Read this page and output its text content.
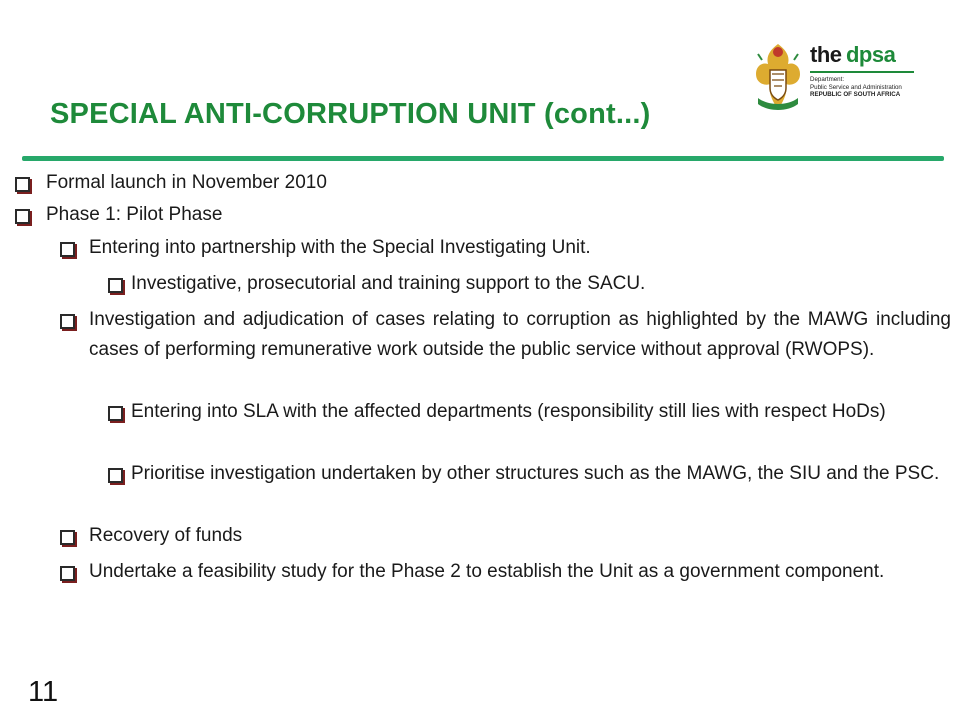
the dpsa
Department:
Public Service and Administration
REPUBLIC OF SOUTH AFRICA
SPECIAL ANTI-CORRUPTION UNIT (cont...)
Formal launch in November 2010
Phase 1: Pilot Phase
Entering into partnership with the Special Investigating Unit.
Investigative, prosecutorial and training support to the SACU.
Investigation and adjudication of cases relating to corruption as highlighted by the MAWG including cases of performing remunerative work outside the public service without approval (RWOPS).
Entering into SLA with the affected departments (responsibility still lies with respect HoDs)
Prioritise investigation undertaken by other structures such as the MAWG, the SIU and the PSC.
Recovery of funds
Undertake a feasibility study for the Phase 2 to establish the Unit as a government component.
11
